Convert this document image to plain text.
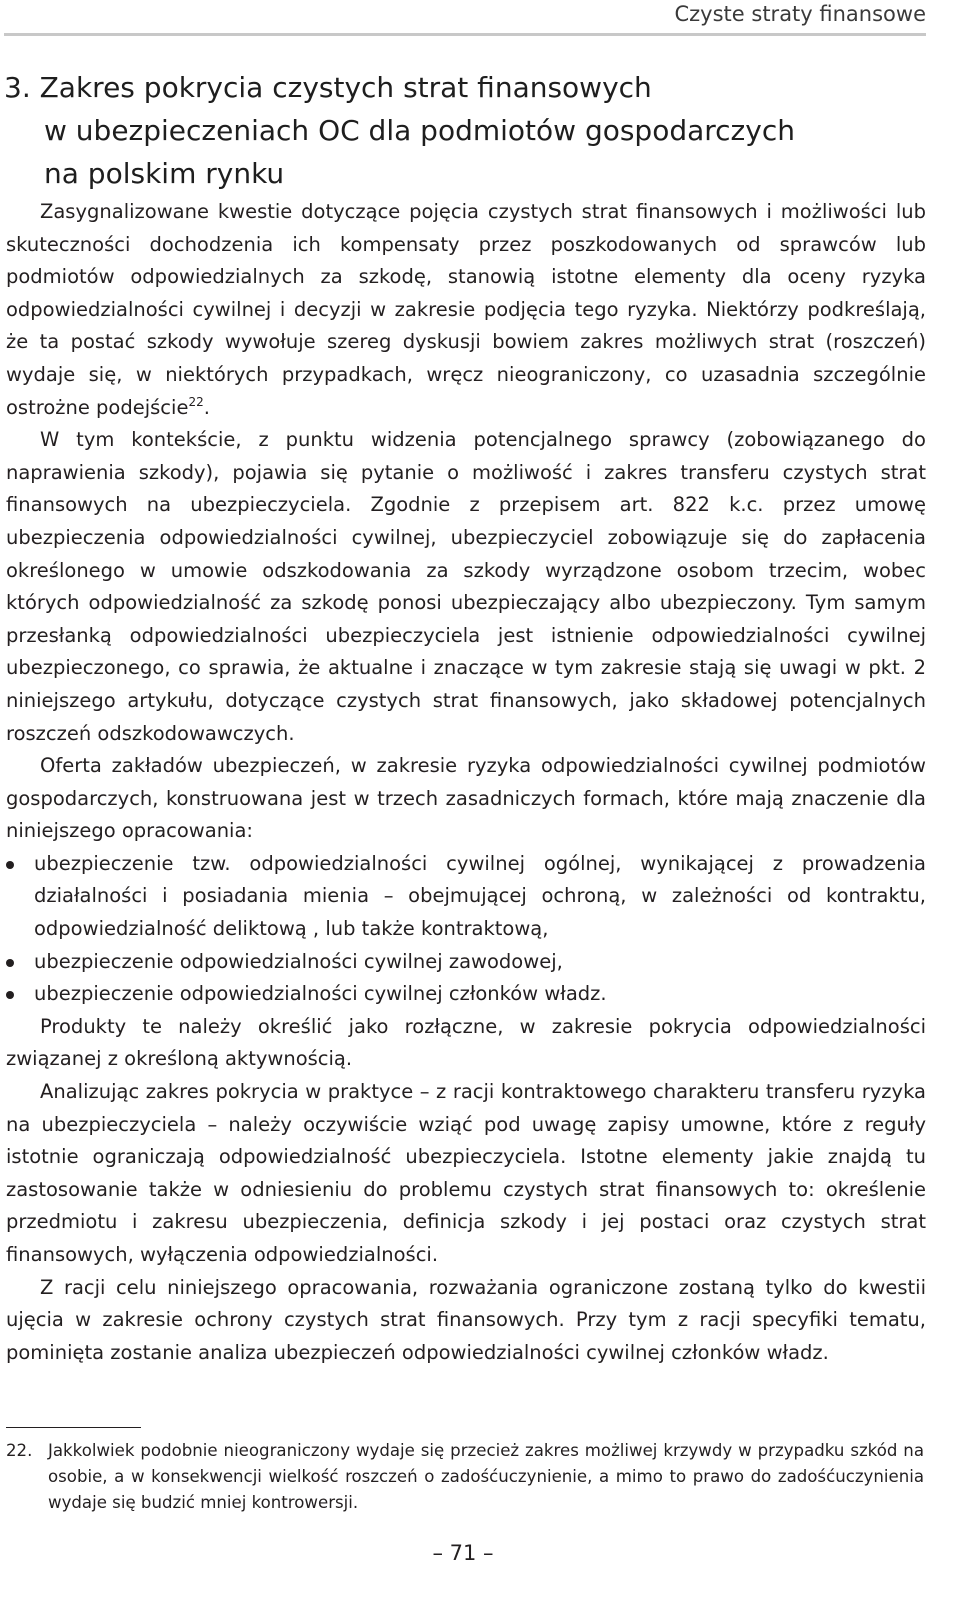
Czyste straty finansowe
3. Zakres pokrycia czystych strat finansowych
w ubezpieczeniach OC dla podmiotów gospodarczych
na polskim rynku

Zasygnalizowane kwestie dotyczące pojęcia czystych strat finansowych i możliwości lub skuteczności dochodzenia ich kompensaty przez poszkodowanych od sprawców lub podmiotów odpowiedzialnych za szkodę, stanowią istotne elementy dla oceny ryzyka odpowiedzialności cywilnej i decyzji w zakresie podjęcia tego ryzyka. Niektórzy podkreślają, że ta postać szkody wywołuje szereg dyskusji bowiem zakres możliwych strat (roszczeń) wydaje się, w niektórych przypadkach, wręcz nieograniczony, co uzasadnia szczególnie ostrożne podejście$^{22}$.

W tym kontekście, z punktu widzenia potencjalnego sprawcy (zobowiązanego do naprawienia szkody), pojawia się pytanie o możliwość i zakres transferu czystych strat finansowych na ubezpieczyciela. Zgodnie z przepisem art. 822 k.c. przez umowę ubezpieczenia odpowiedzialności cywilnej, ubezpieczyciel zobowiązuje się do zapłacenia określonego w umowie odszkodowania za szkody wyrządzone osobom trzecim, wobec których odpowiedzialność za szkodę ponosi ubezpieczający albo ubezpieczony. Tym samym przesłanką odpowiedzialności ubezpieczyciela jest istnienie odpowiedzialności cywilnej ubezpieczonego, co sprawia, że aktualne i znaczące w tym zakresie stają się uwagi w pkt. 2 niniejszego artykułu, dotyczące czystych strat finansowych, jako składowej potencjalnych roszczeń odszkodowawczych.

Oferta zakładów ubezpieczeń, w zakresie ryzyka odpowiedzialności cywilnej podmiotów gospodarczych, konstruowana jest w trzech zasadniczych formach, które mają znaczenie dla niniejszego opracowania:

ubezpieczenie tzw. odpowiedzialności cywilnej ogólnej, wynikającej z prowadzenia działalności i posiadania mienia – obejmującej ochroną, w zależności od kontraktu, odpowiedzialność deliktową , lub także kontraktową,
ubezpieczenie odpowiedzialności cywilnej zawodowej,
ubezpieczenie odpowiedzialności cywilnej członków władz.

Produkty te należy określić jako rozłączne, w zakresie pokrycia odpowiedzialności związanej z określoną aktywnością.

Analizując zakres pokrycia w praktyce – z racji kontraktowego charakteru transferu ryzyka na ubezpieczyciela – należy oczywiście wziąć pod uwagę zapisy umowne, które z reguły istotnie ograniczają odpowiedzialność ubezpieczyciela. Istotne elementy jakie znajdą tu zastosowanie także w odniesieniu do problemu czystych strat finansowych to: określenie przedmiotu i zakresu ubezpieczenia, definicja szkody i jej postaci oraz czystych strat finansowych, wyłączenia odpowiedzialności.

Z racji celu niniejszego opracowania, rozważania ograniczone zostaną tylko do kwestii ujęcia w zakresie ochrony czystych strat finansowych. Przy tym z racji specyfiki tematu, pominięta zostanie analiza ubezpieczeń odpowiedzialności cywilnej członków władz.

22. Jakkolwiek podobnie nieograniczony wydaje się przecież zakres możliwej krzywdy w przypadku szkód na osobie, a w konsekwencji wielkość roszczeń o zadośćuczynienie, a mimo to prawo do zadośćuczynienia wydaje się budzić mniej kontrowersji.
– 71 –
